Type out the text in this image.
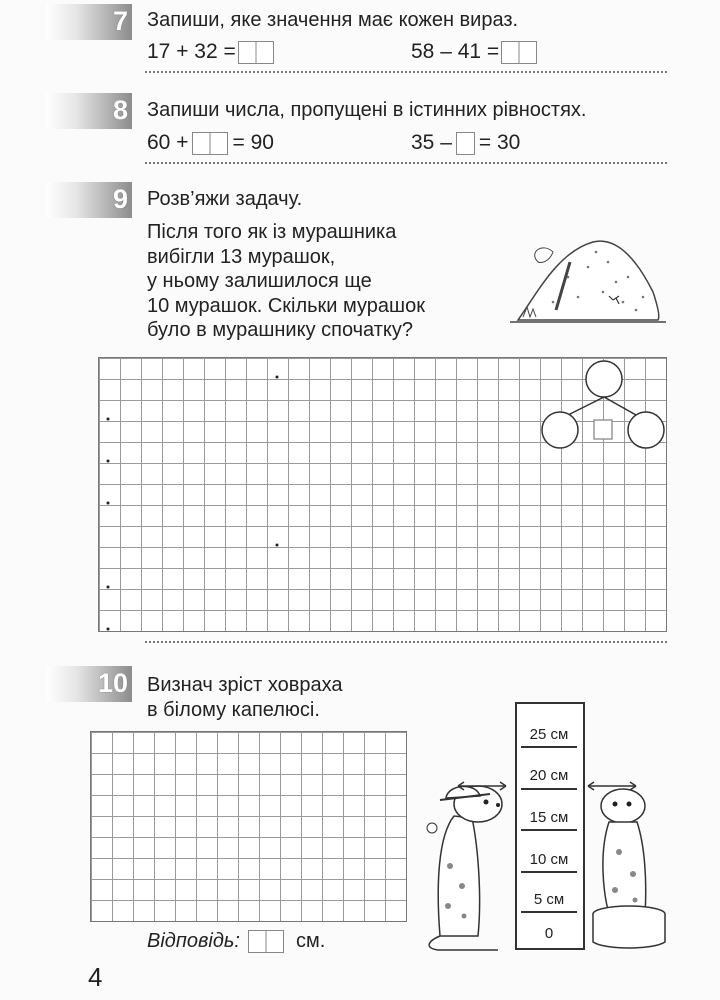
7 Запиши, яке значення має кожен вираз.
17 + 32 =	58 – 41 =
8 Запиши числа, пропущені в істинних рівностях.
60 + = 90	35 – = 30
9 Розв’яжи задачу.
Після того як із мурашника
вибігли 13 мурашок,
у ньому залишилося ще
10 мурашок. Скільки мурашок
було в мурашнику спочатку?
10 Визнач зріст ховраха
в білому капелюсі.
25 см
20 см
15 см
10 см
5 см
0
Відповідь:	см.
4
